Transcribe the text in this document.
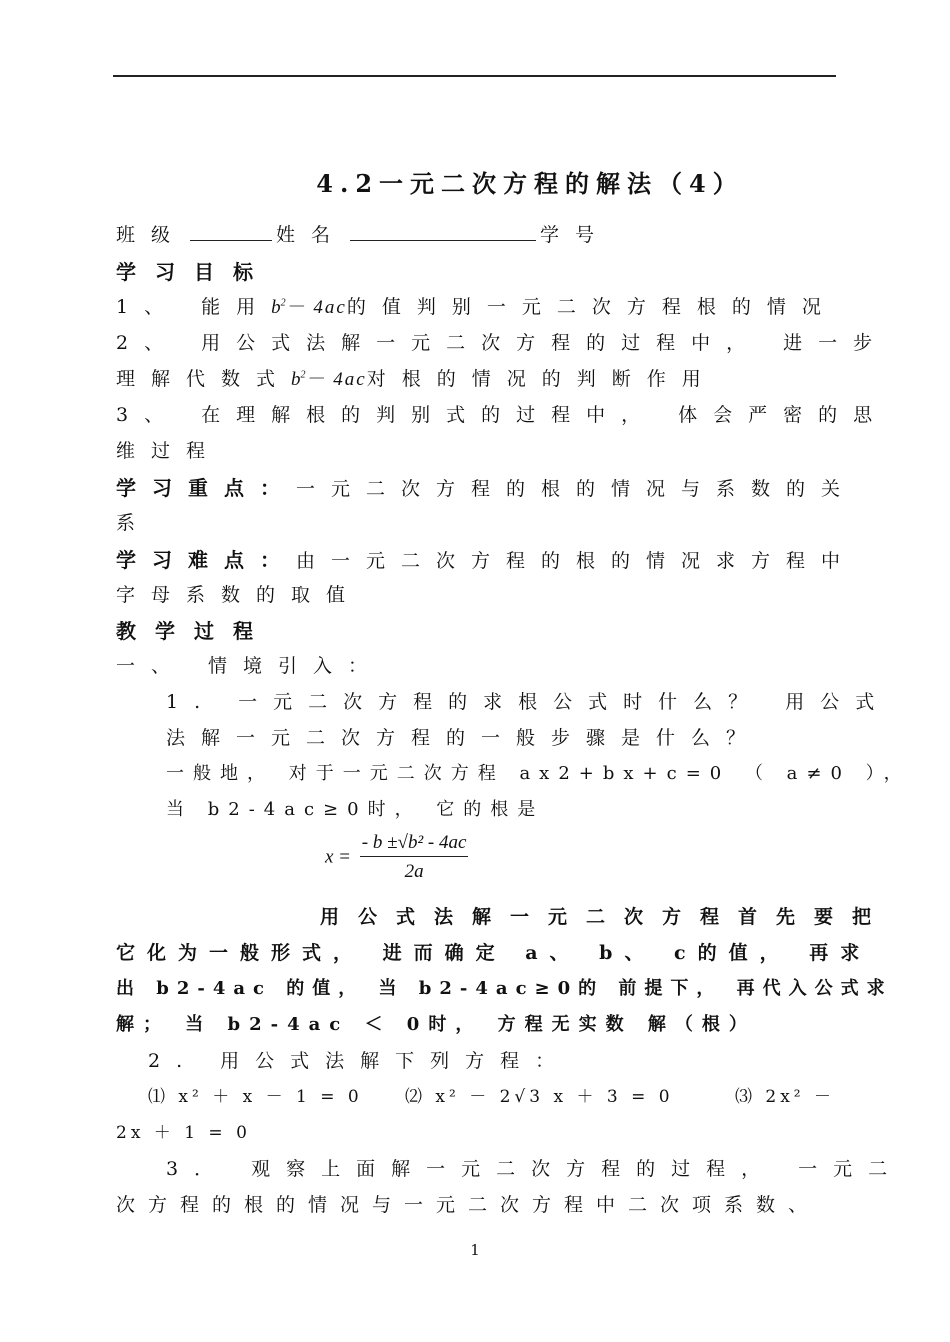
4.2一元二次方程的解法（4）
班级	姓名	学号
学习目标
1、 能用$b^2- 4ac$的值判别一元二次方程根的情况
2、 用公式法解一元二次方程的过程中， 进一步
理解代数式$b^2- 4ac$对根的情况的判断作用
3、 在理解根的判别式的过程中， 体会严密的思
维过程
学习重点：一元二次方程的根的情况与系数的关
系
学习难点：由一元二次方程的根的情况求方程中
字母系数的取值
教学过程
一、 情境引入：
1. 一元二次方程的求根公式时什么？ 用公式
法解一元二次方程的一般步骤是什么？
一般地， 对于一元二次方程 ax2+bx+c=0 （ a≠0 ），
当 b2-4ac≥0时， 它的根是
$x = \frac{\text{- b ±√b² - 4ac}}{2a}$
用公式法解一元二次方程首先要把
它化为一般形式， 进而确定 a、 b、 c的值， 再求
出 b2-4ac 的值， 当 b2-4ac≥0的 前提下， 再代入公式求
解； 当 b2-4ac ＜ 0时， 方程无实数 解（根）
2. 用公式法解下列方程：
⑴ x² ＋ x － 1 = 0 ⑵ x² － 2√3 x ＋ 3 = 0	⑶ 2x² －
2x ＋ 1 = 0
3． 观察上面解一元二次方程的过程， 一元二
次方程的根的情况与一元二次方程中二次项系数、
1
